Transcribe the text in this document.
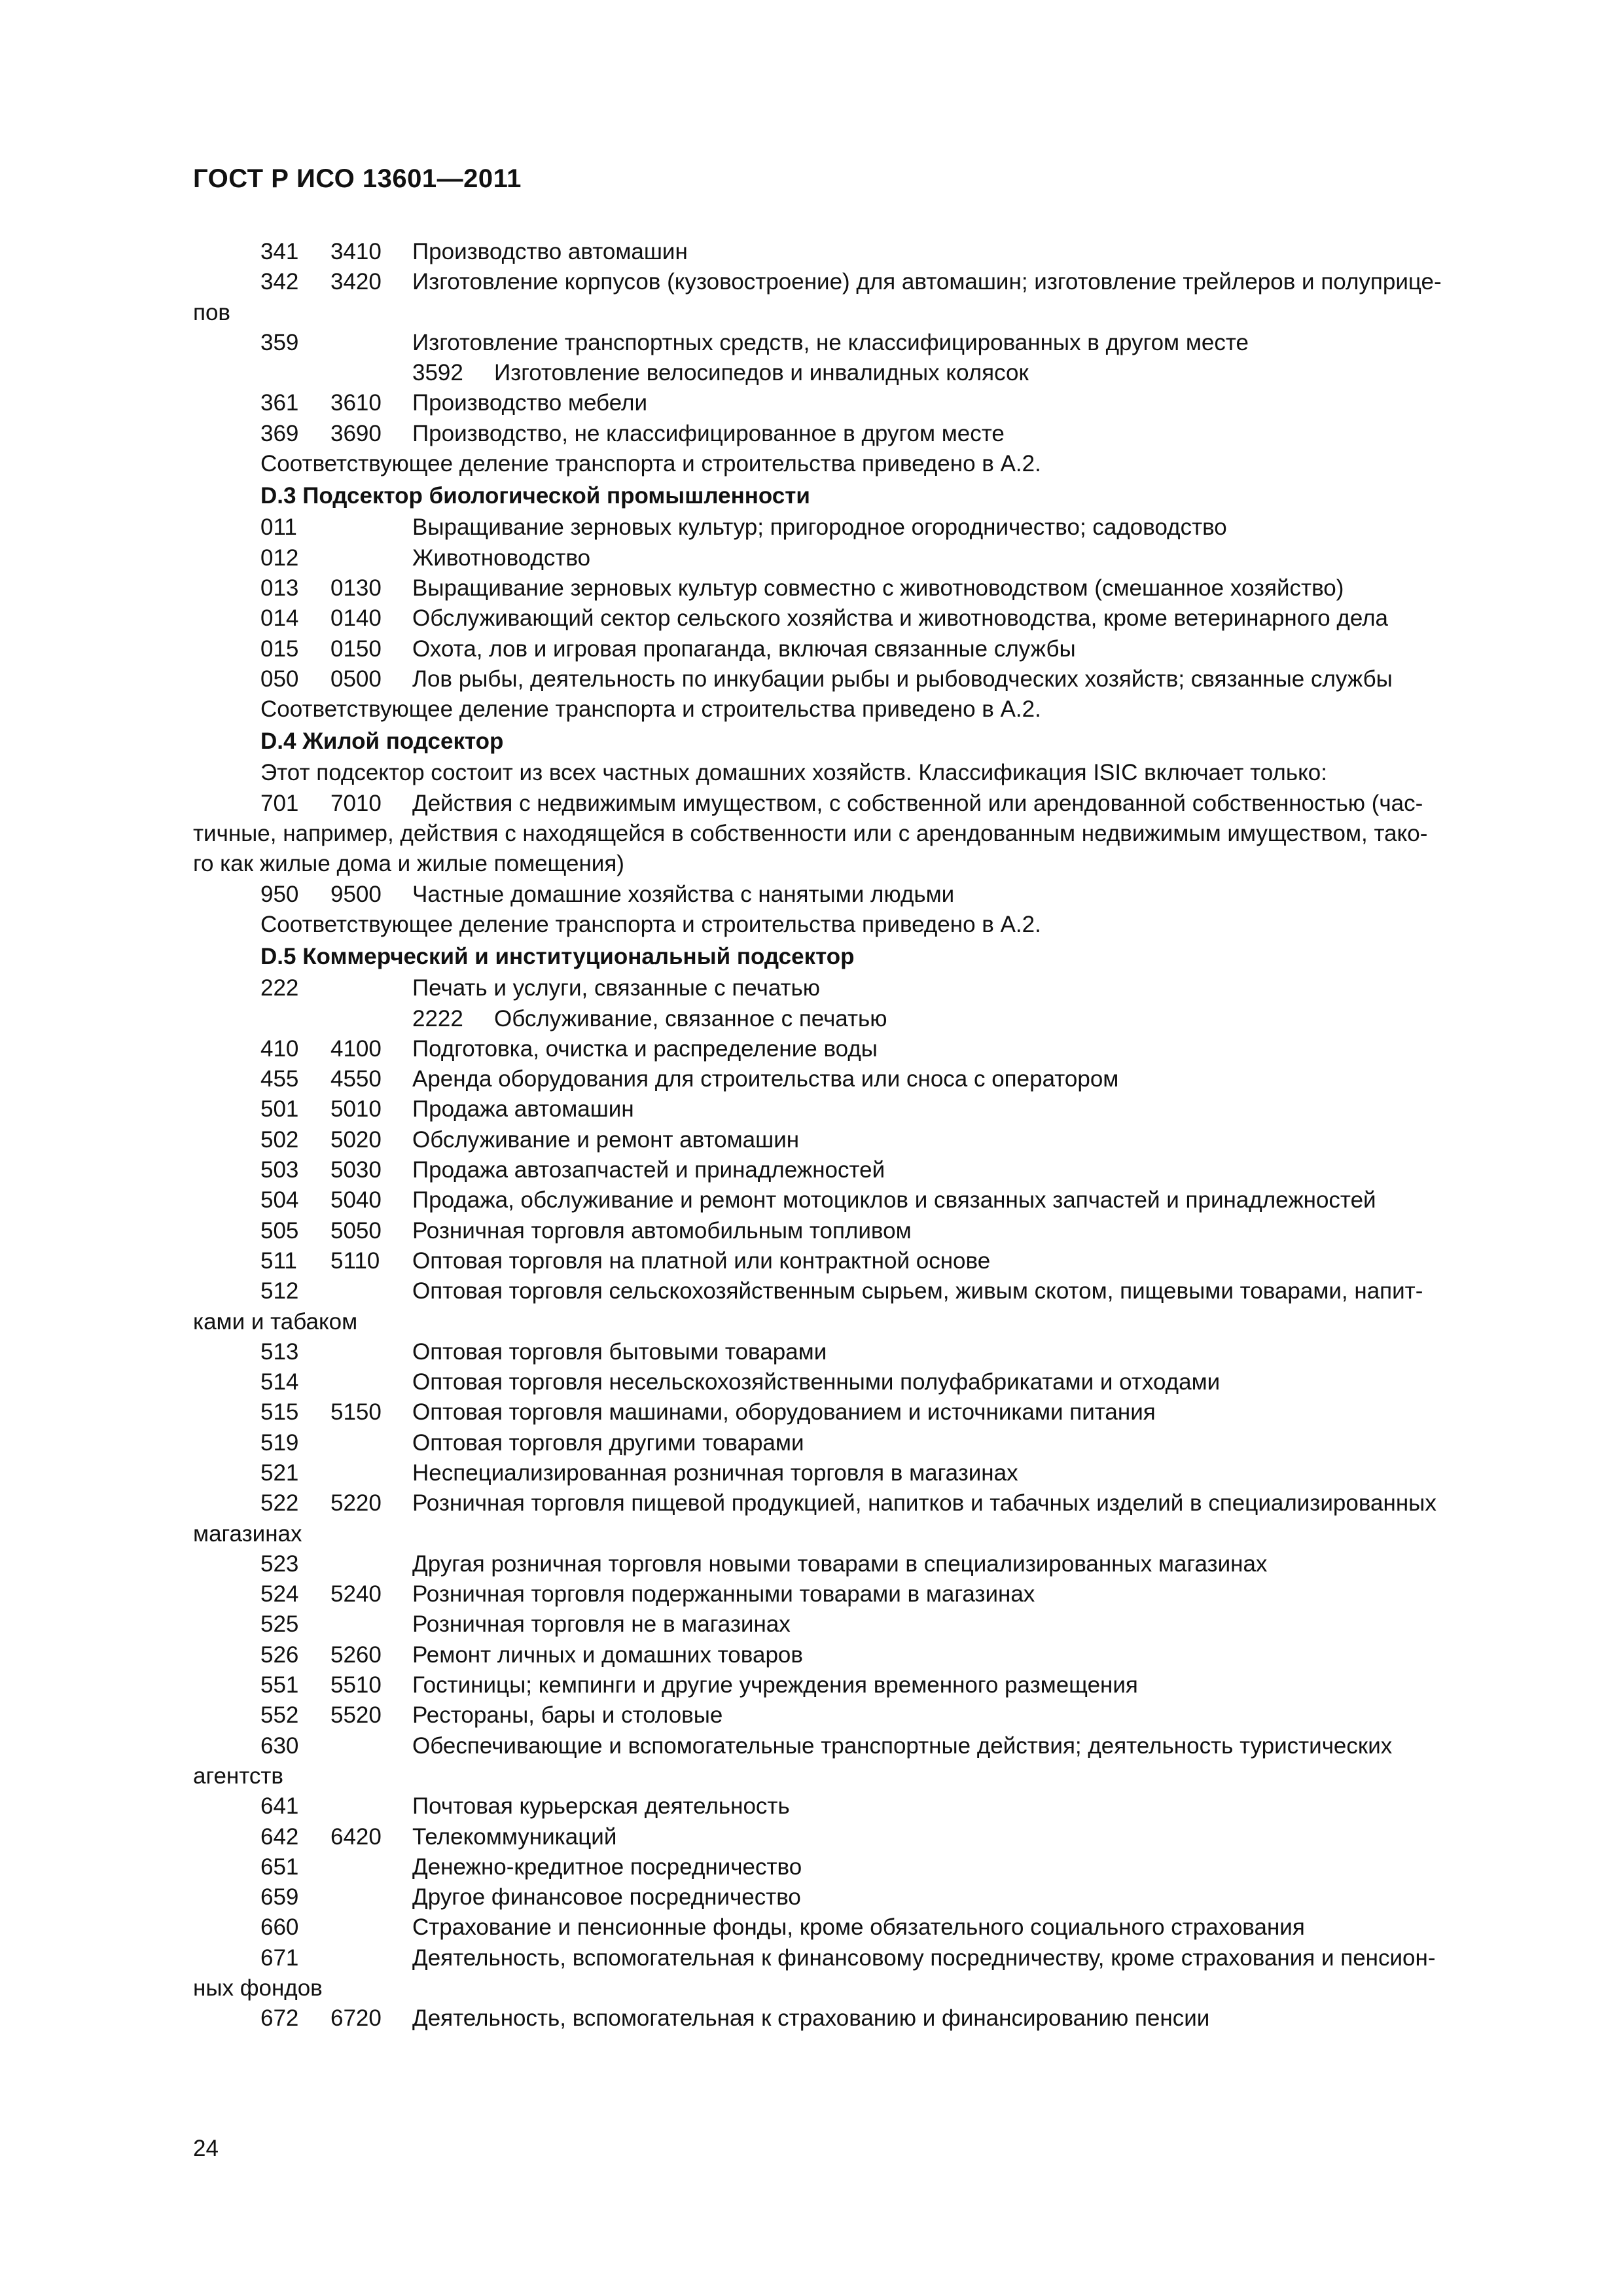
ГОСТ Р ИСО 13601—2011
341 3410 Производство автомашин
342 3420 Изготовление корпусов (кузовостроение) для автомашин; изготовление трейлеров и полуприце-
пов
359	Изготовление транспортных средств, не классифицированных в другом месте
3592 Изготовление велосипедов и инвалидных колясок
361 3610 Производство мебели
369 3690 Производство, не классифицированное в другом месте
Соответствующее деление транспорта и строительства приведено в А.2.
D.3 Подсектор биологической промышленности
011	Выращивание зерновых культур; пригородное огородничество; садоводство
012	Животноводство
013 0130 Выращивание зерновых культур совместно с животноводством (смешанное хозяйство)
014 0140 Обслуживающий сектор сельского хозяйства и животноводства, кроме ветеринарного дела
015 0150 Охота, лов и игровая пропаганда, включая связанные службы
050 0500 Лов рыбы, деятельность по инкубации рыбы и рыбоводческих хозяйств; связанные службы
Соответствующее деление транспорта и строительства приведено в А.2.
D.4 Жилой подсектор
Этот подсектор состоит из всех частных домашних хозяйств. Классификация ISIC включает только:
701 7010 Действия с недвижимым имуществом, с собственной или арендованной собственностью (час-
тичные, например, действия с находящейся в собственности или с арендованным недвижимым имуществом, тако-
го как жилые дома и жилые помещения)
950 9500 Частные домашние хозяйства с нанятыми людьми
Соответствующее деление транспорта и строительства приведено в А.2.
D.5 Коммерческий и институциональный подсектор
222	Печать и услуги, связанные с печатью
2222 Обслуживание, связанное с печатью
410 4100 Подготовка, очистка и распределение воды
455 4550 Аренда оборудования для строительства или сноса с оператором
501 5010 Продажа автомашин
502 5020 Обслуживание и ремонт автомашин
503 5030 Продажа автозапчастей и принадлежностей
504 5040 Продажа, обслуживание и ремонт мотоциклов и связанных запчастей и принадлежностей
505 5050 Розничная торговля автомобильным топливом
511 5110 Оптовая торговля на платной или контрактной основе
512	Оптовая торговля сельскохозяйственным сырьем, живым скотом, пищевыми товарами, напит-
ками и табаком
513	Оптовая торговля бытовыми товарами
514	Оптовая торговля несельскохозяйственными полуфабрикатами и отходами
515 5150 Оптовая торговля машинами, оборудованием и источниками питания
519	Оптовая торговля другими товарами
521	Неспециализированная розничная торговля в магазинах
522 5220 Розничная торговля пищевой продукцией, напитков и табачных изделий в специализированных
магазинах
523	Другая розничная торговля новыми товарами в специализированных магазинах
524 5240 Розничная торговля подержанными товарами в магазинах
525	Розничная торговля не в магазинах
526 5260 Ремонт личных и домашних товаров
551 5510 Гостиницы; кемпинги и другие учреждения временного размещения
552 5520 Рестораны, бары и столовые
630	Обеспечивающие и вспомогательные транспортные действия; деятельность туристических
агентств
641	Почтовая курьерская деятельность
642 6420 Телекоммуникаций
651	Денежно-кредитное посредничество
659	Другое финансовое посредничество
660	Страхование и пенсионные фонды, кроме обязательного социального страхования
671	Деятельность, вспомогательная к финансовому посредничеству, кроме страхования и пенсион-
ных фондов
672 6720 Деятельность, вспомогательная к страхованию и финансированию пенсии
24
